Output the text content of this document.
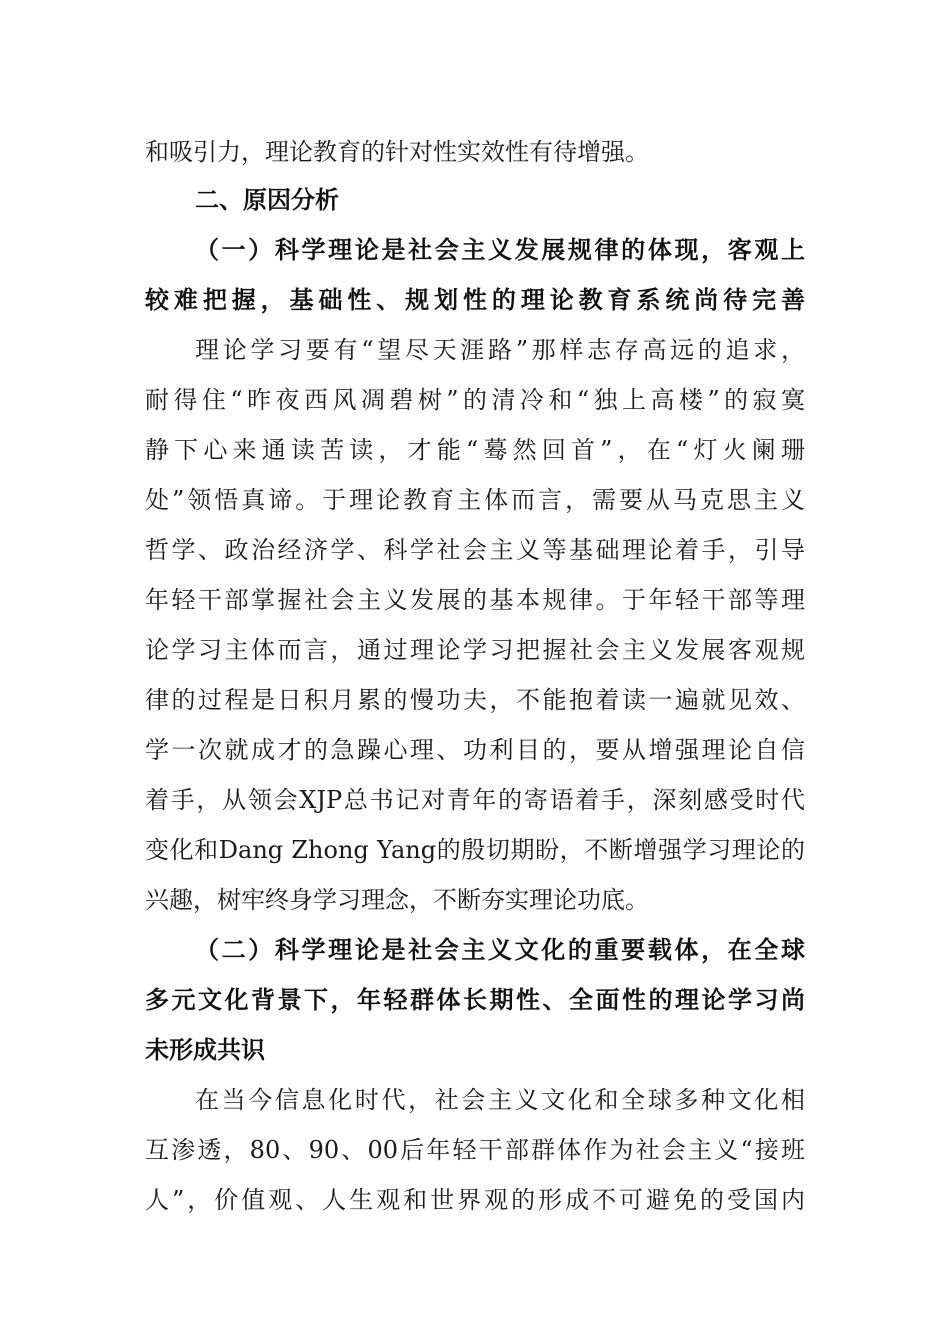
和吸引力，理论教育的针对性实效性有待增强。
二、原因分析
（一）科学理论是社会主义发展规律的体现，客观上
较难把握，基础性、规划性的理论教育系统尚待完善
理论学习要有“望尽天涯路”那样志存高远的追求，
耐得住“昨夜西风凋碧树”的清冷和“独上高楼”的寂寞
静下心来通读苦读，才能“蓦然回首”，在“灯火阑珊
处”领悟真谛。于理论教育主体而言，需要从马克思主义
哲学、政治经济学、科学社会主义等基础理论着手，引导
年轻干部掌握社会主义发展的基本规律。于年轻干部等理
论学习主体而言，通过理论学习把握社会主义发展客观规
律的过程是日积月累的慢功夫，不能抱着读一遍就见效、
学一次就成才的急躁心理、功利目的，要从增强理论自信
着手，从领会XJP总书记对青年的寄语着手，深刻感受时代
变化和Dang Zhong Yang的殷切期盼，不断增强学习理论的
兴趣，树牢终身学习理念，不断夯实理论功底。
（二）科学理论是社会主义文化的重要载体，在全球
多元文化背景下，年轻群体长期性、全面性的理论学习尚
未形成共识
在当今信息化时代，社会主义文化和全球多种文化相
互渗透，80、90、00后年轻干部群体作为社会主义“接班
人”，价值观、人生观和世界观的形成不可避免的受国内
